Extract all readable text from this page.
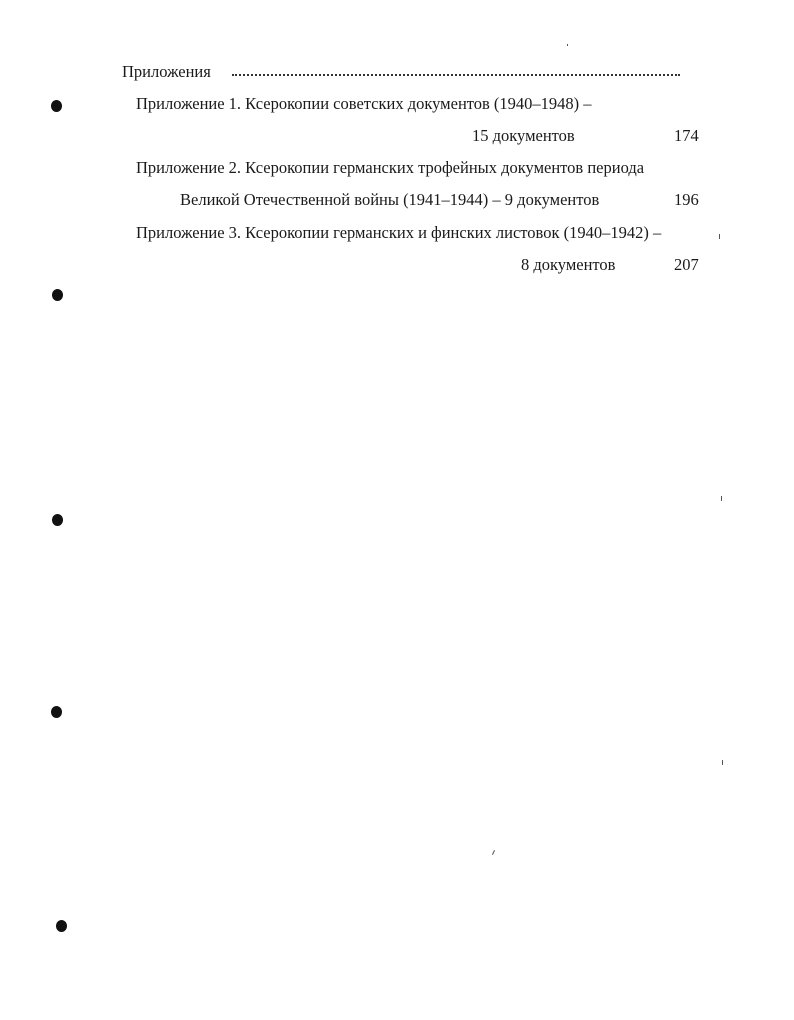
Приложения
Приложение 1. Ксерокопии советских документов (1940–1948) –
15 документов	174
Приложение 2. Ксерокопии германских трофейных документов периода
Великой Отечественной войны (1941–1944) – 9 документов	196
Приложение 3. Ксерокопии германских и финских листовок (1940–1942) –
8 документов	207
